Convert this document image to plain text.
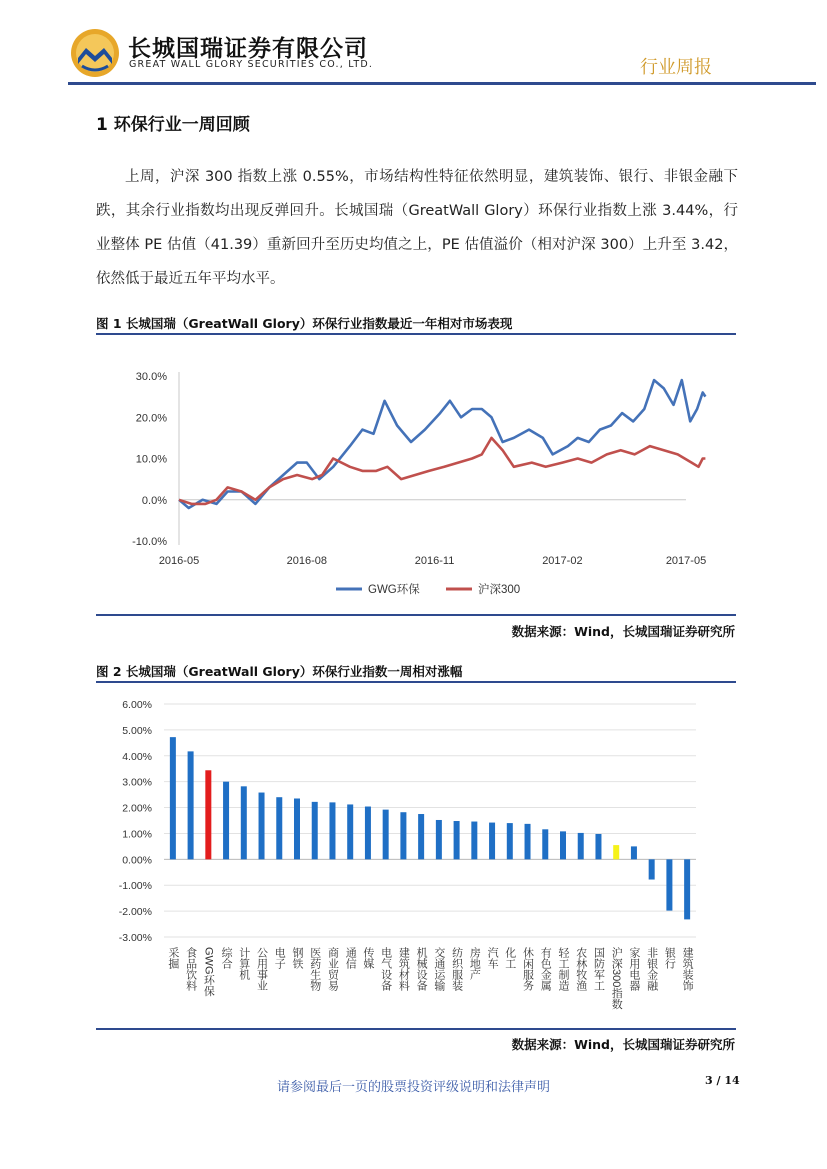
长城国瑞证券有限公司
GREAT WALL GLORY SECURITIES CO., LTD.	行业周报
1 环保行业一周回顾

上周，沪深 300 指数上涨 0.55%，市场结构性特征依然明显，建筑装饰、银行、非银金融下跌，其余行业指数均出现反弹回升。长城国瑞（GreatWall Glory）环保行业指数上涨 3.44%，行业整体 PE 估值（41.39）重新回升至历史均值之上，PE 估值溢价（相对沪深 300）上升至 3.42，依然低于最近五年平均水平。

图 1 长城国瑞（GreatWall Glory）环保行业指数最近一年相对市场表现
30.0%
20.0%
10.0%
0.0%
-10.0%
2016-05	2016-08	2016-11	2017-02	2017-05
GWG环保	沪深300
数据来源：Wind，长城国瑞证券研究所
图 2 长城国瑞（GreatWall Glory）环保行业指数一周相对涨幅
6.00%
5.00%
4.00%
3.00%
2.00%
1.00%
0.00%
-1.00%
-2.00%
-3.00%
采掘 食品饮料 GWG环保 综合 计算机 公用事业 电子 钢铁 医药生物 商业贸易 通信 传媒 电气设备 建筑材料 机械设备 交通运输 纺织服装 房地产 汽车 化工 休闲服务 有色金属 轻工制造 农林牧渔 国防军工 沪深300指数 家用电器 非银金融 银行 建筑装饰
数据来源：Wind，长城国瑞证券研究所
请参阅最后一页的股票投资评级说明和法律声明	3 / 14
